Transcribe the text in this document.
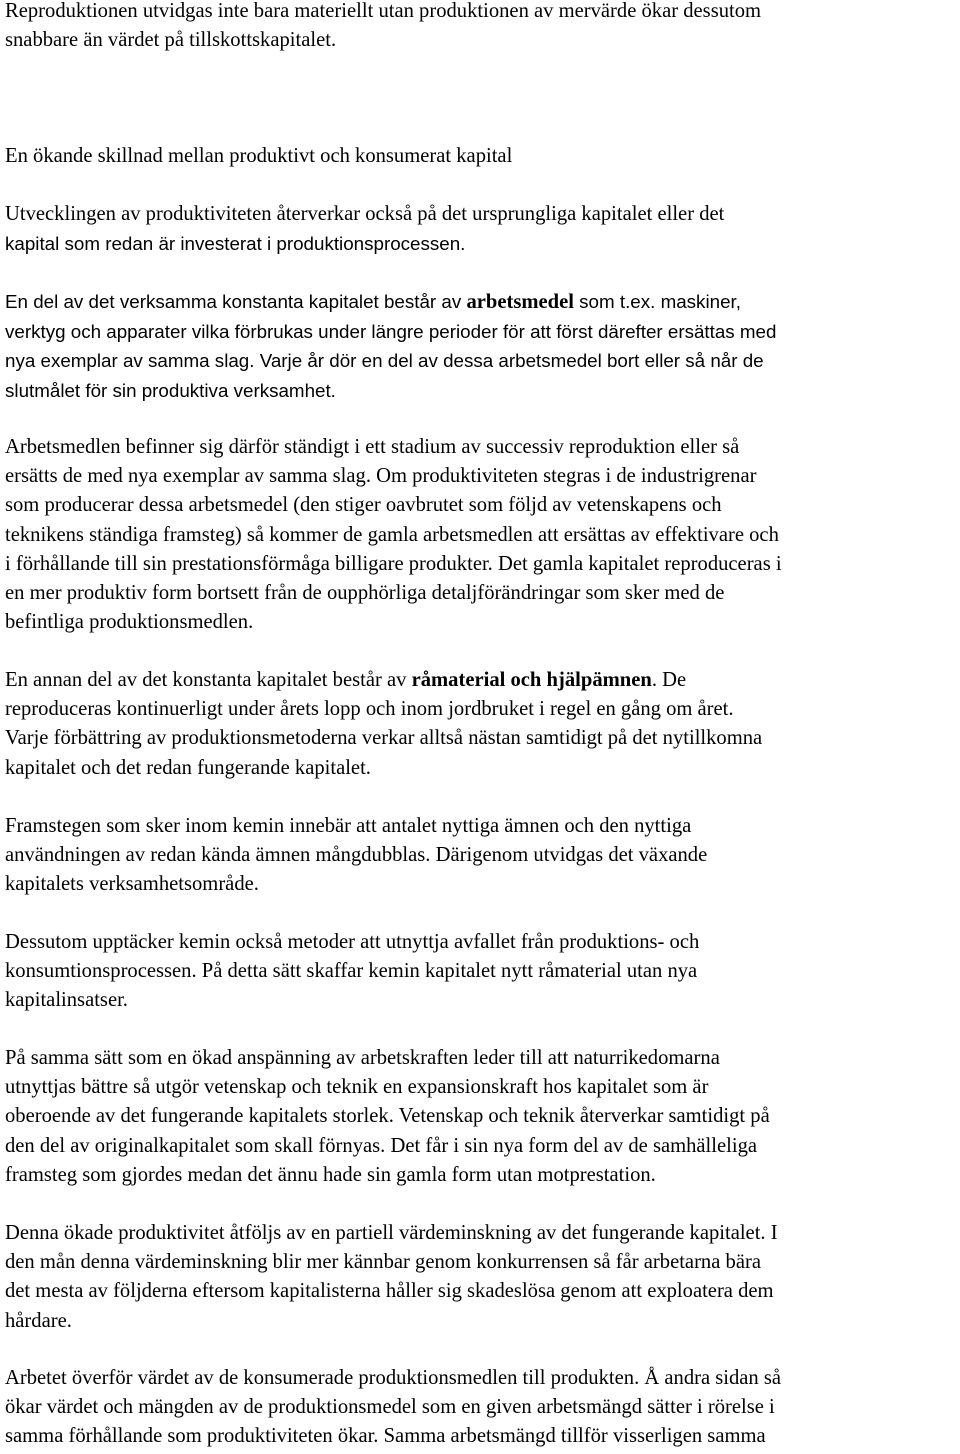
Reproduktionen utvidgas inte bara materiellt utan produktionen av mervärde ökar dessutom
snabbare än värdet på tillskottskapitalet.

En ökande skillnad mellan produktivt och konsumerat kapital

Utvecklingen av produktiviteten återverkar också på det ursprungliga kapitalet eller det
kapital som redan är investerat i produktionsprocessen.

En del av det verksamma konstanta kapitalet består av arbetsmedel som t.ex. maskiner,
verktyg och apparater vilka förbrukas under längre perioder för att först därefter ersättas med
nya exemplar av samma slag. Varje år dör en del av dessa arbetsmedel bort eller så når de
slutmålet för sin produktiva verksamhet.

Arbetsmedlen befinner sig därför ständigt i ett stadium av successiv reproduktion eller så
ersätts de med nya exemplar av samma slag. Om produktiviteten stegras i de industrigrenar
som producerar dessa arbetsmedel (den stiger oavbrutet som följd av vetenskapens och
teknikens ständiga framsteg) så kommer de gamla arbetsmedlen att ersättas av effektivare och
i förhållande till sin prestationsförmåga billigare produkter. Det gamla kapitalet reproduceras i
en mer produktiv form bortsett från de oupphörliga detaljförändringar som sker med de
befintliga produktionsmedlen.

En annan del av det konstanta kapitalet består av råmaterial och hjälpämnen. De
reproduceras kontinuerligt under årets lopp och inom jordbruket i regel en gång om året.
Varje förbättring av produktionsmetoderna verkar alltså nästan samtidigt på det nytillkomna
kapitalet och det redan fungerande kapitalet.

Framstegen som sker inom kemin innebär att antalet nyttiga ämnen och den nyttiga
användningen av redan kända ämnen mångdubblas. Därigenom utvidgas det växande
kapitalets verksamhetsområde.

Dessutom upptäcker kemin också metoder att utnyttja avfallet från produktions- och
konsumtionsprocessen. På detta sätt skaffar kemin kapitalet nytt råmaterial utan nya
kapitalinsatser.

På samma sätt som en ökad anspänning av arbetskraften leder till att naturrikedomarna
utnyttjas bättre så utgör vetenskap och teknik en expansionskraft hos kapitalet som är
oberoende av det fungerande kapitalets storlek. Vetenskap och teknik återverkar samtidigt på
den del av originalkapitalet som skall förnyas. Det får i sin nya form del av de samhälleliga
framsteg som gjordes medan det ännu hade sin gamla form utan motprestation.

Denna ökade produktivitet åtföljs av en partiell värdeminskning av det fungerande kapitalet. I
den mån denna värdeminskning blir mer kännbar genom konkurrensen så får arbetarna bära
det mesta av följderna eftersom kapitalisterna håller sig skadeslösa genom att exploatera dem
hårdare.

Arbetet överför värdet av de konsumerade produktionsmedlen till produkten. Å andra sidan så
ökar värdet och mängden av de produktionsmedel som en given arbetsmängd sätter i rörelse i
samma förhållande som produktiviteten ökar. Samma arbetsmängd tillför visserligen samma
